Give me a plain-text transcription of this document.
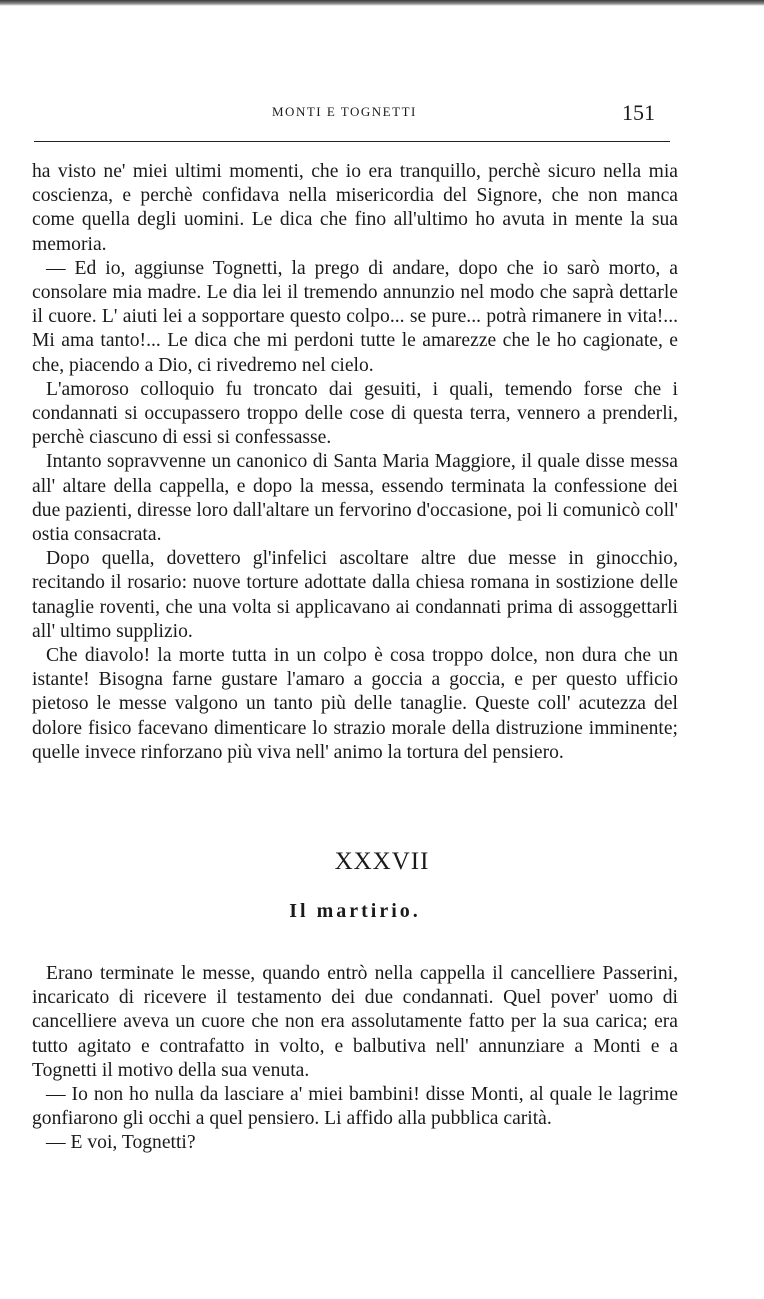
MONTI E TOGNETTI	151

ha visto ne' miei ultimi momenti, che io era tranquillo, perchè sicuro nella mia coscienza, e perchè confidava nella misericordia del Signore, che non manca come quella degli uomini. Le dica che fino all'ultimo ho avuta in mente la sua memoria.

— Ed io, aggiunse Tognetti, la prego di andare, dopo che io sarò morto, a consolare mia madre. Le dia lei il tremendo annunzio nel modo che saprà dettarle il cuore. L' aiuti lei a sopportare questo colpo... se pure... potrà rimanere in vita!... Mi ama tanto!... Le dica che mi perdoni tutte le amarezze che le ho cagionate, e che, piacendo a Dio, ci rivedremo nel cielo.

L'amoroso colloquio fu troncato dai gesuiti, i quali, temendo forse che i condannati si occupassero troppo delle cose di questa terra, vennero a prenderli, perchè ciascuno di essi si confessasse.

Intanto sopravvenne un canonico di Santa Maria Maggiore, il quale disse messa all' altare della cappella, e dopo la messa, essendo terminata la confessione dei due pazienti, diresse loro dall'altare un fervorino d'occasione, poi li comunicò coll' ostia consacrata.

Dopo quella, dovettero gl'infelici ascoltare altre due messe in ginocchio, recitando il rosario: nuove torture adottate dalla chiesa romana in sostizione delle tanaglie roventi, che una volta si applicavano ai condannati prima di assoggettarli all' ultimo supplizio.

Che diavolo! la morte tutta in un colpo è cosa troppo dolce, non dura che un istante! Bisogna farne gustare l'amaro a goccia a goccia, e per questo ufficio pietoso le messe valgono un tanto più delle tanaglie. Queste coll' acutezza del dolore fisico facevano dimenticare lo strazio morale della distruzione imminente; quelle invece rinforzano più viva nell' animo la tortura del pensiero.

XXXVII
Il martirio.

Erano terminate le messe, quando entrò nella cappella il cancelliere Passerini, incaricato di ricevere il testamento dei due condannati. Quel pover' uomo di cancelliere aveva un cuore che non era assolutamente fatto per la sua carica; era tutto agitato e contrafatto in volto, e balbutiva nell' annunziare a Monti e a Tognetti il motivo della sua venuta.

— Io non ho nulla da lasciare a' miei bambini! disse Monti, al quale le lagrime gonfiarono gli occhi a quel pensiero. Li affido alla pubblica carità.

— E voi, Tognetti?
